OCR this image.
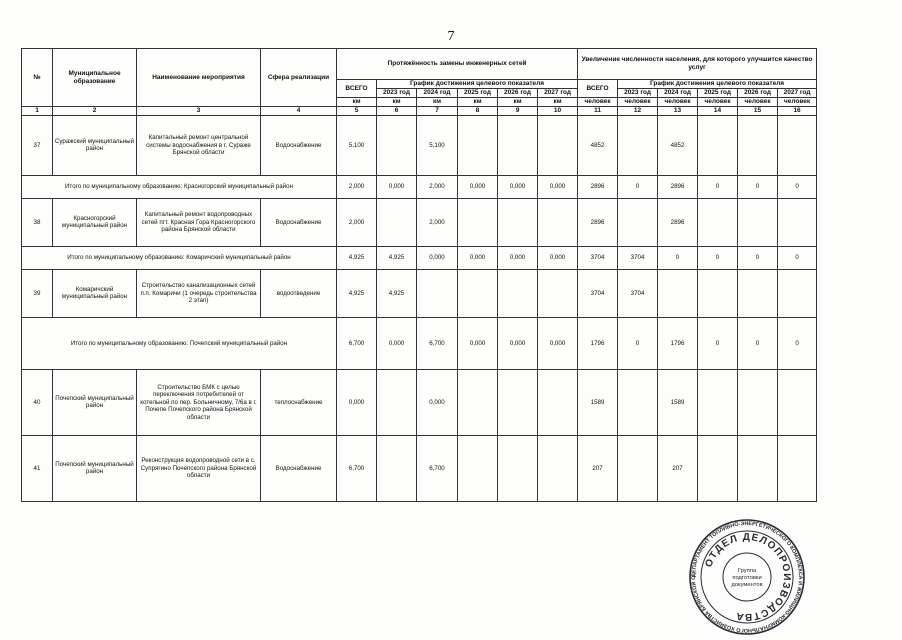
7
№	Муниципальное образование	Наименование мероприятия	Сфера реализации	Протяжённость замены инженерных сетей						Увеличение численности населения, для которого улучшится качество услуг					
				ВСЕГО	График достижения целевого показателя					ВСЕГО	График достижения целевого показателя				
					2023 год	2024 год	2025 год	2026 год	2027 год		2023 год	2024 год	2025 год	2026 год	2027 год
				км	км	км	км	км	км	человек	человек	человек	человек	человек	человек
1	2	3	4	5	6	7	8	9	10	11	12	13	14	15	16
37	Суражский муниципальный район	Капитальный ремонт центральной системы водоснабжения в г. Сураже Брянской области	Водоснабжение	5,100		5,100				4852		4852			
Итого по муниципальному образованию: Красногорский муниципальный район				2,000	0,000	2,000	0,000	0,000	0,000	2896	0	2896	0	0	0
38	Красногорский муниципальный район	Капитальный ремонт водопроводных сетей пгт. Красная Гора Красногорского района Брянской области	Водоснабжение	2,000		2,000				2896		2896			
Итого по муниципальному образованию: Комаричский муниципальный район				4,925	4,925	0,000	0,000	0,000	0,000	3704	3704	0	0	0	0
39	Комаричский муниципальный район	Строительство канализационных сетей п.п. Комаричи (1 очередь строительства 2 этап)	водоотведение	4,925	4,925					3704	3704				
Итого по муниципальному образованию: Почепский муниципальный район				6,700	0,000	6,700	0,000	0,000	0,000	1796	0	1796	0	0	0
40	Почепский муниципальный район	Строительство БМК с целью переключения потребителей от котельной по пер. Больничному, 7/6а в г. Почепе Почепского района Брянской области	теплоснабжение	0,000		0,000				1589		1589			
41	Почепский муниципальный район	Реконструкция водопроводной сети в с. Супрягино Почепского района Брянской области	Водоснабжение	6,700		6,700				207		207			
ДЕПАРТАМЕНТ ТОПЛИВНО-ЭНЕРГЕТИЧЕСКОГО КОМПЛЕКСА И ЖИЛИЩНО-КОММУНАЛЬНОГО ХОЗЯЙСТВА БРЯНСКОЙ О
ОТДЕЛ ДЕЛОПРОИЗВОДСТВА
Группа
подготовки
документов
